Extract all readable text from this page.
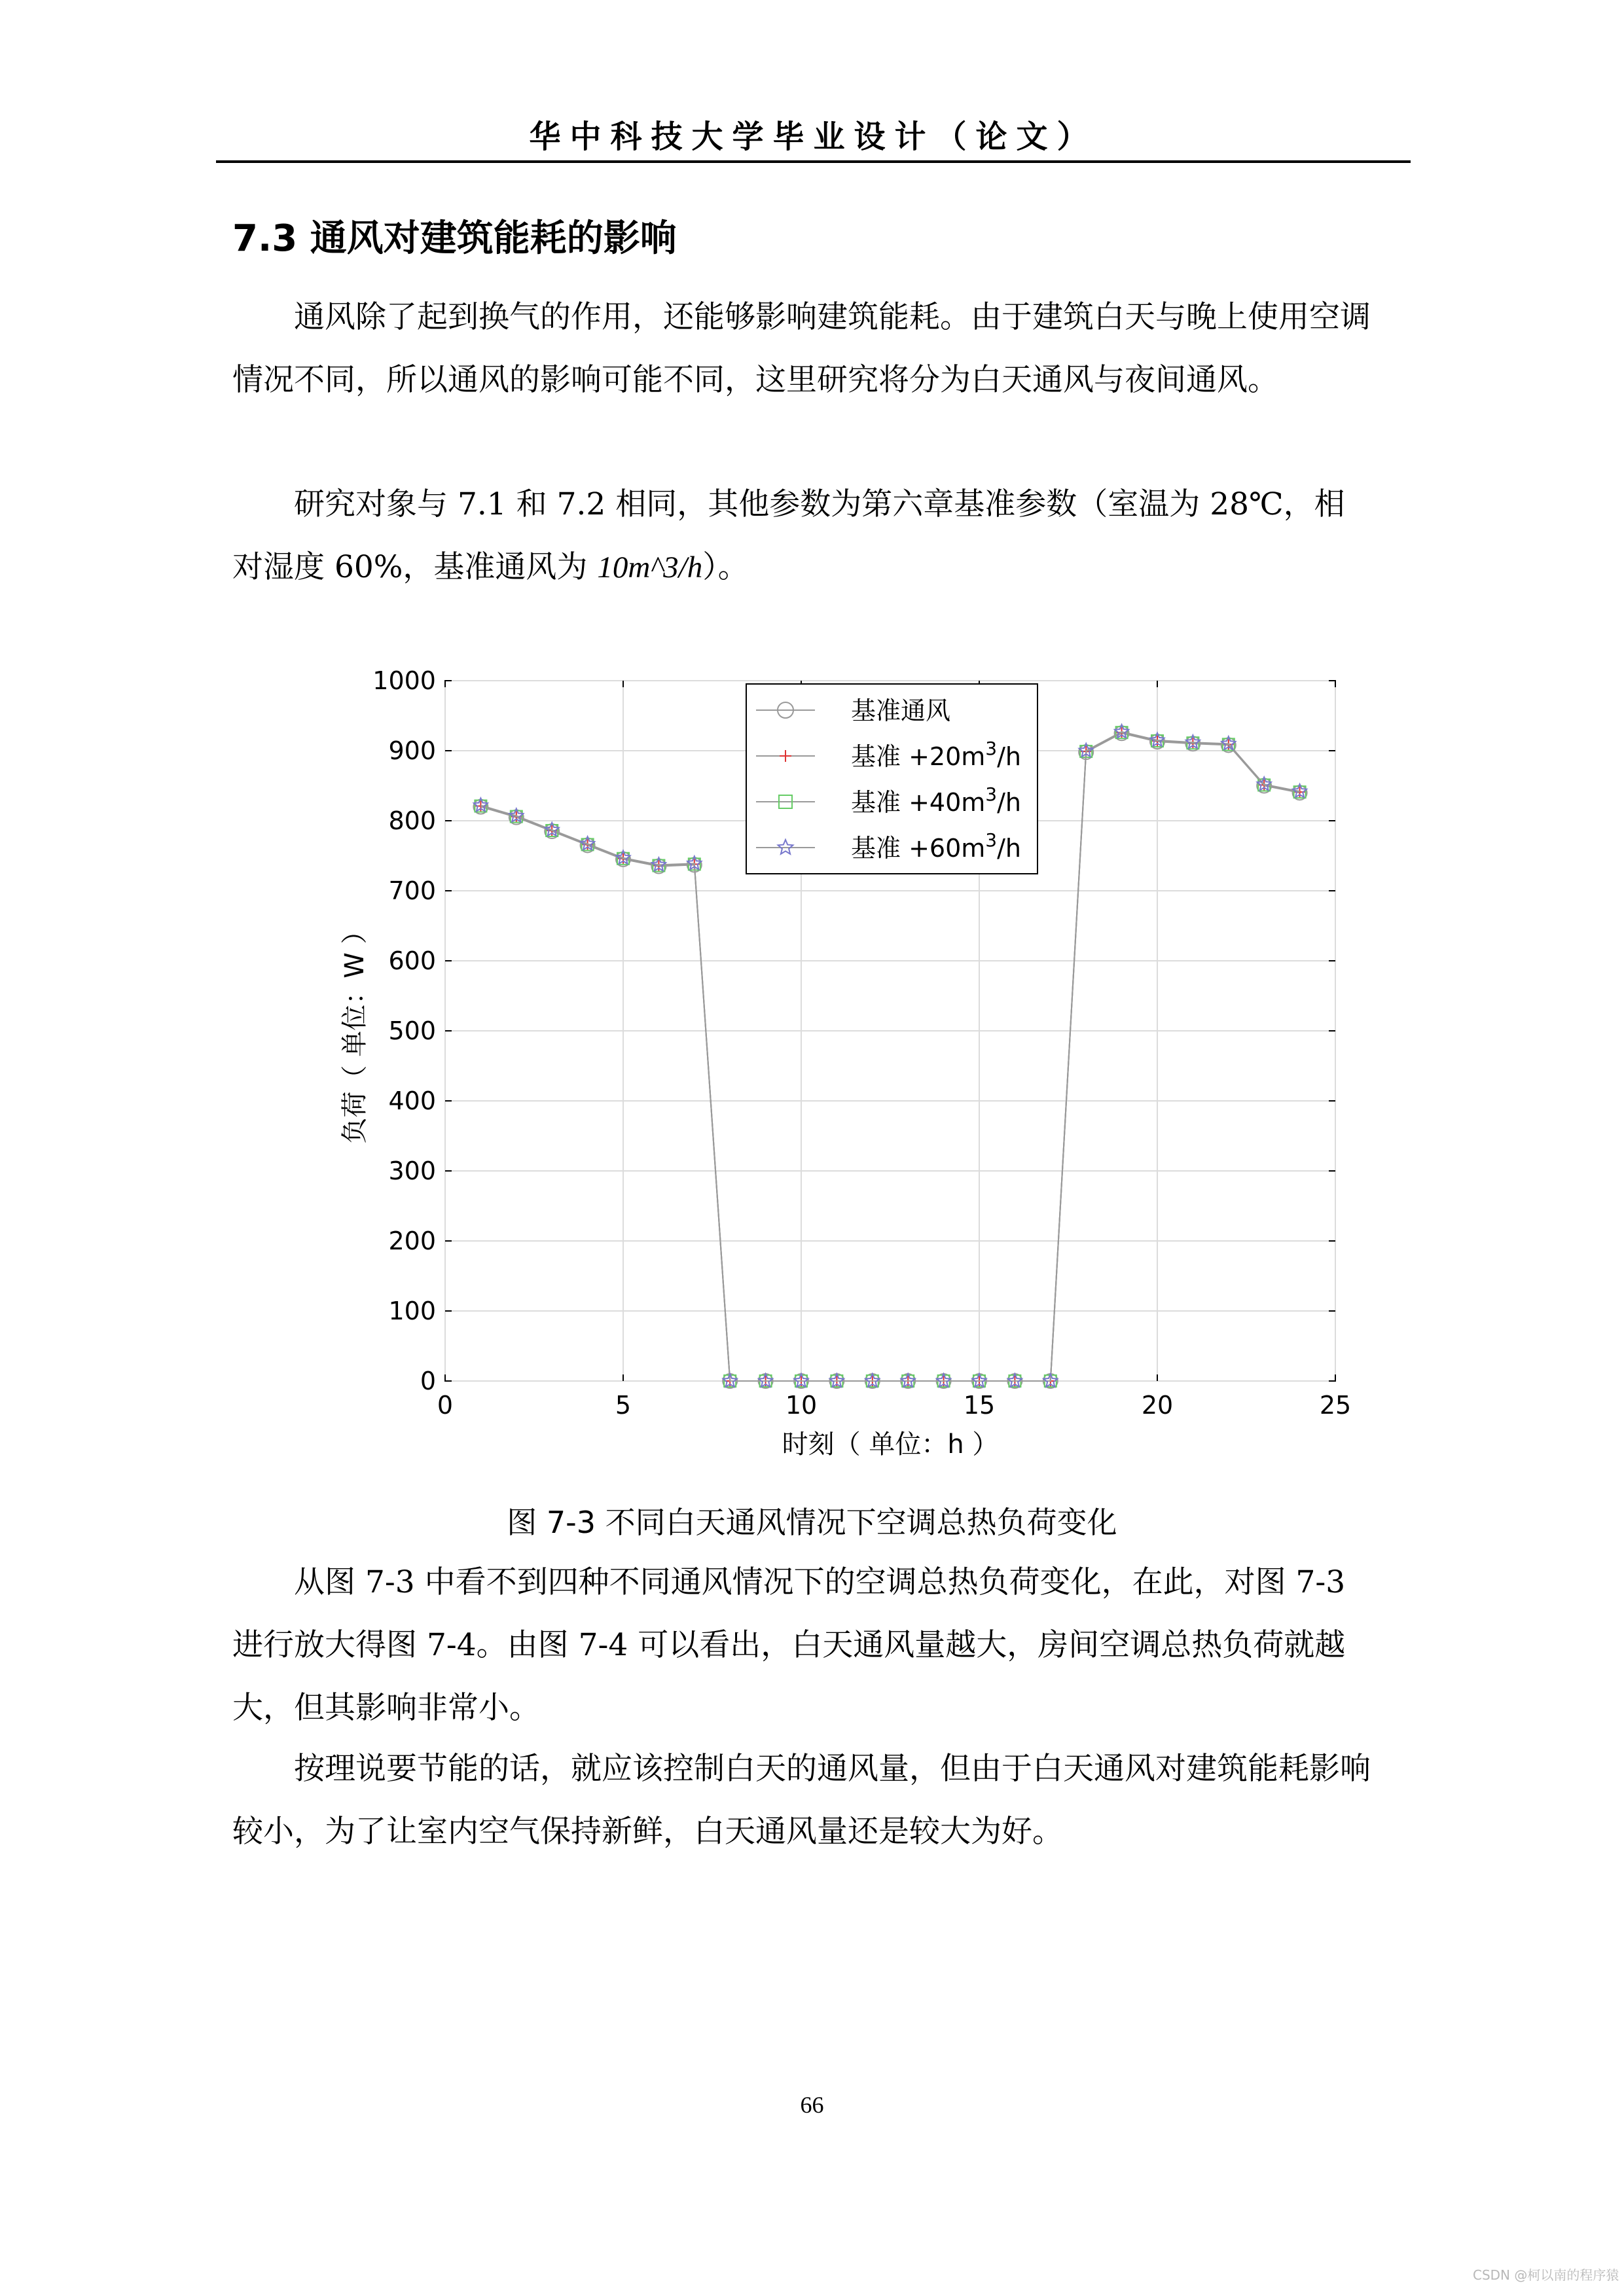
华中科技大学毕业设计（论文）
7.3 通风对建筑能耗的影响
通风除了起到换气的作用，还能够影响建筑能耗。由于建筑白天与晚上使用空调情况不同，所以通风的影响可能不同，这里研究将分为白天通风与夜间通风。
研究对象与 7.1 和 7.2 相同，其他参数为第六章基准参数（室温为 28℃，相对湿度 60%，基准通风为 10m^3/h）。
0	5	10	15	20	25
0
100
200
300
400
500
600
700
800
900
1000
基准通风
基准 $+20m^3/h$
基准 $+40m^3/h$
基准 $+60m^3/h$
时刻（ 单位：h ）
负荷（ 单位：W ）
图 7-3 不同白天通风情况下空调总热负荷变化
从图 7-3 中看不到四种不同通风情况下的空调总热负荷变化，在此，对图 7-3 进行放大得图 7-4。由图 7-4 可以看出，白天通风量越大，房间空调总热负荷就越大，但其影响非常小。
按理说要节能的话，就应该控制白天的通风量，但由于白天通风对建筑能耗影响较小，为了让室内空气保持新鲜，白天通风量还是较大为好。
66
CSDN @柯以南的程序猿
